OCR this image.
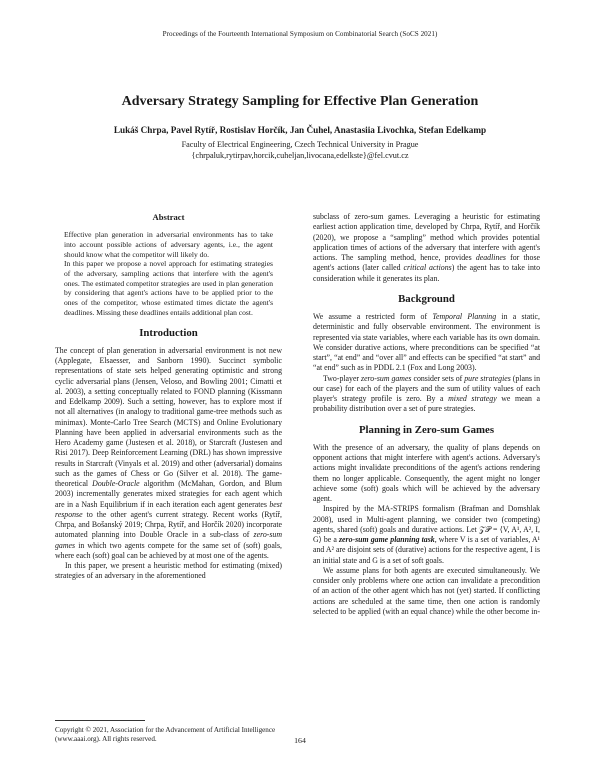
Proceedings of the Fourteenth International Symposium on Combinatorial Search (SoCS 2021)
Adversary Strategy Sampling for Effective Plan Generation
Lukáš Chrpa, Pavel Rytíř, Rostislav Horčík, Jan Čuhel, Anastasiia Livochka, Stefan Edelkamp
Faculty of Electrical Engineering, Czech Technical University in Prague
{chrpaluk,rytirpav,horcik,cuheljan,livocana,edelkste}@fel.cvut.cz
Abstract

Effective plan generation in adversarial environments has to take into account possible actions of adversary agents, i.e., the agent should know what the competitor will likely do.

In this paper we propose a novel approach for estimating strategies of the adversary, sampling actions that interfere with the agent's ones. The estimated competitor strategies are used in plan generation by considering that agent's actions have to be applied prior to the ones of the competitor, whose estimated times dictate the agent's deadlines. Missing these deadlines entails additional plan cost.

Introduction

The concept of plan generation in adversarial environment is not new (Applegate, Elsaesser, and Sanborn 1990). Succinct symbolic representations of state sets helped generating optimistic and strong cyclic adversarial plans (Jensen, Veloso, and Bowling 2001; Cimatti et al. 2003), a setting conceptually related to FOND planning (Kissmann and Edelkamp 2009). Such a setting, however, has to explore most if not all alternatives (in analogy to traditional game-tree methods such as minimax). Monte-Carlo Tree Search (MCTS) and Online Evolutionary Planning have been applied in adversarial environments such as the Hero Academy game (Justesen et al. 2018), or Starcraft (Justesen and Risi 2017). Deep Reinforcement Learning (DRL) has shown impressive results in Starcraft (Vinyals et al. 2019) and other (adversarial) domains such as the games of Chess or Go (Silver et al. 2018). The game-theoretical Double-Oracle algorithm (McMahan, Gordon, and Blum 2003) incrementally generates mixed strategies for each agent which are in a Nash Equilibrium if in each iteration each agent generates best response to the other agent's current strategy. Recent works (Rytíř, Chrpa, and Bošanský 2019; Chrpa, Rytíř, and Horčík 2020) incorporate automated planning into Double Oracle in a sub-class of zero-sum games in which two agents compete for the same set of (soft) goals, where each (soft) goal can be achieved by at most one of the agents.

In this paper, we present a heuristic method for estimating (mixed) strategies of an adversary in the aforementioned

Copyright © 2021, Association for the Advancement of Artificial Intelligence (www.aaai.org). All rights reserved.

subclass of zero-sum games. Leveraging a heuristic for estimating earliest action application time, developed by Chrpa, Rytíř, and Horčík (2020), we propose a “sampling” method which provides potential application times of actions of the adversary that interfere with agent's actions. The sampling method, hence, provides deadlines for those agent's actions (later called critical actions) the agent has to take into consideration while it generates its plan.

Background

We assume a restricted form of Temporal Planning in a static, deterministic and fully observable environment. The environment is represented via state variables, where each variable has its own domain. We consider durative actions, where preconditions can be specified “at start”, “at end” and “over all” and effects can be specified “at start” and “at end” such as in PDDL 2.1 (Fox and Long 2003).

Two-player zero-sum games consider sets of pure strategies (plans in our case) for each of the players and the sum of utility values of each player's strategy profile is zero. By a mixed strategy we mean a probability distribution over a set of pure strategies.

Planning in Zero-sum Games

With the presence of an adversary, the quality of plans depends on opponent actions that might interfere with agent's actions. Adversary's actions might invalidate preconditions of the agent's actions rendering them no longer applicable. Consequently, the agent might no longer achieve some (soft) goals which will be achieved by the adversary agent.

Inspired by the MA-STRIPS formalism (Brafman and Domshlak 2008), used in Multi-agent planning, we consider two (competing) agents, shared (soft) goals and durative actions. Let 𝒵𝒫 = ⟨V, A¹, A², I, G⟩ be a zero-sum game planning task, where V is a set of variables, A¹ and A² are disjoint sets of (durative) actions for the respective agent, I is an initial state and G is a set of soft goals.

We assume plans for both agents are executed simultaneously. We consider only problems where one action can invalidate a precondition of an action of the other agent which has not (yet) started. If conflicting actions are scheduled at the same time, then one action is randomly selected to be applied (with an equal chance) while the other become in-

164
